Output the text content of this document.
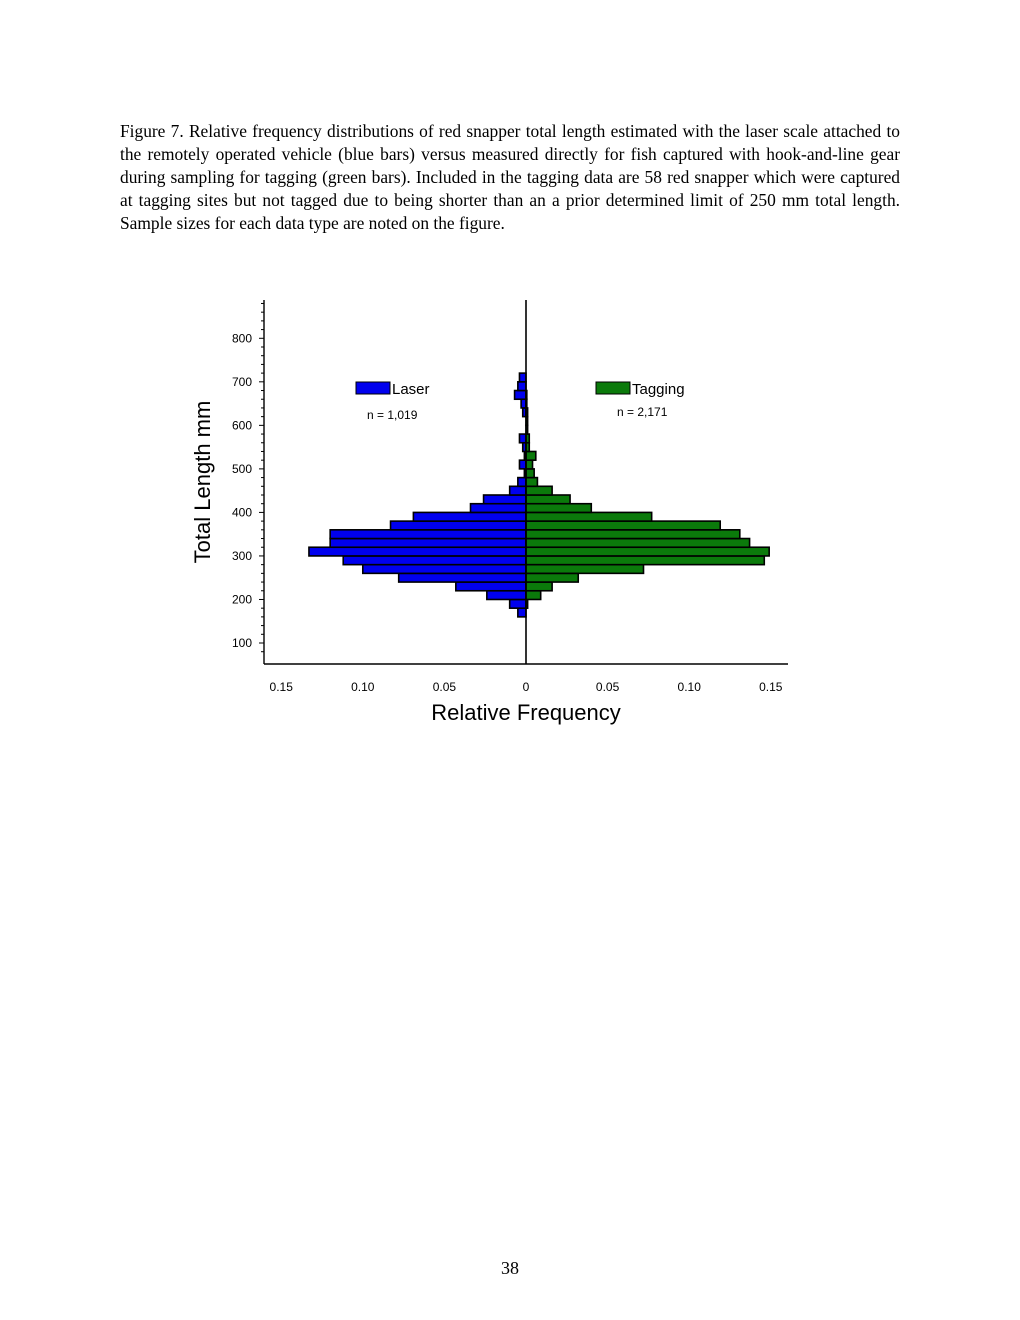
Figure 7. Relative frequency distributions of red snapper total length estimated with the laser scale attached to the remotely operated vehicle (blue bars) versus measured directly for fish captured with hook-and-line gear during sampling for tagging (green bars). Included in the tagging data are 58 red snapper which were captured at tagging sites but not tagged due to being shorter than an a prior determined limit of 250 mm total length. Sample sizes for each data type are noted on the figure.

0.15	0.10	0.05	0	0.05	0.10	0.15
100
200
300
400
500
600
700
800
Relative Frequency
Total Length mm
Laser
n = 1,019
Tagging
n = 2,171
38
